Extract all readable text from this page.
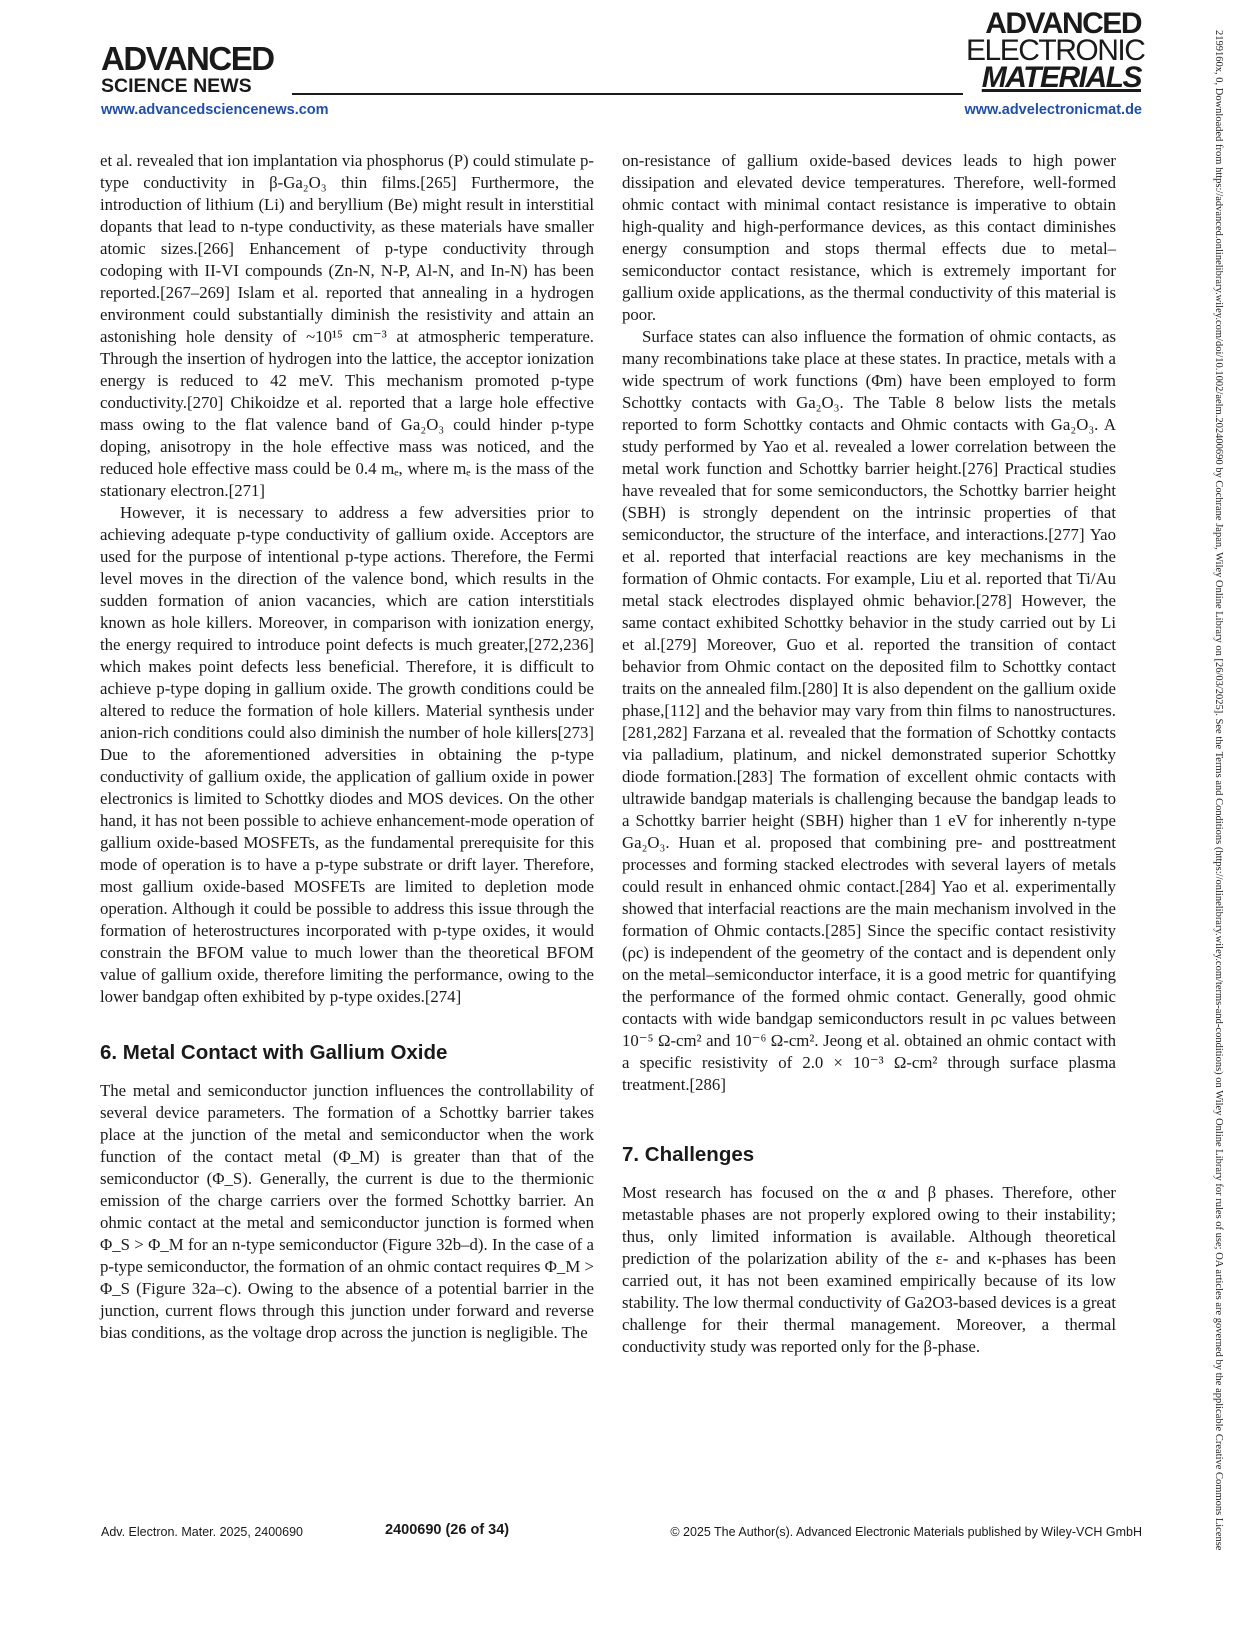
ADVANCED
SCIENCE NEWS
ADVANCED
ELECTRONIC
MATERIALS
www.advancedsciencenews.com	www.advelectronicmat.de	2199160x, 0, Downloaded from https://advanced.onlinelibrary.wiley.com/doi/10.1002/aelm.202400690 by Cochrane Japan, Wiley Online Library on [26/03/2025]. See the Terms and Conditions (https://onlinelibrary.wiley.com/terms-and-conditions) on Wiley Online Library for rules of use; OA articles are governed by the applicable Creative Commons License

et al. revealed that ion implantation via phosphorus (P) could stimulate p-type conductivity in β-Ga₂O₃ thin films.[265] Furthermore, the introduction of lithium (Li) and beryllium (Be) might result in interstitial dopants that lead to n-type conductivity, as these materials have smaller atomic sizes.[266] Enhancement of p-type conductivity through codoping with II-VI compounds (Zn-N, N-P, Al-N, and In-N) has been reported.[267–269] Islam et al. reported that annealing in a hydrogen environment could substantially diminish the resistivity and attain an astonishing hole density of ~10¹⁵ cm⁻³ at atmospheric temperature. Through the insertion of hydrogen into the lattice, the acceptor ionization energy is reduced to 42 meV. This mechanism promoted p-type conductivity.[270] Chikoidze et al. reported that a large hole effective mass owing to the flat valence band of Ga₂O₃ could hinder p-type doping, anisotropy in the hole effective mass was noticed, and the reduced hole effective mass could be 0.4 mₑ, where mₑ is the mass of the stationary electron.[271]

However, it is necessary to address a few adversities prior to achieving adequate p-type conductivity of gallium oxide. Acceptors are used for the purpose of intentional p-type actions. Therefore, the Fermi level moves in the direction of the valence bond, which results in the sudden formation of anion vacancies, which are cation interstitials known as hole killers. Moreover, in comparison with ionization energy, the energy required to introduce point defects is much greater,[272,236] which makes point defects less beneficial. Therefore, it is difficult to achieve p-type doping in gallium oxide. The growth conditions could be altered to reduce the formation of hole killers. Material synthesis under anion-rich conditions could also diminish the number of hole killers[273] Due to the aforementioned adversities in obtaining the p-type conductivity of gallium oxide, the application of gallium oxide in power electronics is limited to Schottky diodes and MOS devices. On the other hand, it has not been possible to achieve enhancement-mode operation of gallium oxide-based MOSFETs, as the fundamental prerequisite for this mode of operation is to have a p-type substrate or drift layer. Therefore, most gallium oxide-based MOSFETs are limited to depletion mode operation. Although it could be possible to address this issue through the formation of heterostructures incorporated with p-type oxides, it would constrain the BFOM value to much lower than the theoretical BFOM value of gallium oxide, therefore limiting the performance, owing to the lower bandgap often exhibited by p-type oxides.[274]

6. Metal Contact with Gallium Oxide

The metal and semiconductor junction influences the controllability of several device parameters. The formation of a Schottky barrier takes place at the junction of the metal and semiconductor when the work function of the contact metal (Φ_M) is greater than that of the semiconductor (Φ_S). Generally, the current is due to the thermionic emission of the charge carriers over the formed Schottky barrier. An ohmic contact at the metal and semiconductor junction is formed when Φ_S > Φ_M for an n-type semiconductor (Figure 32b–d). In the case of a p-type semiconductor, the formation of an ohmic contact requires Φ_M > Φ_S (Figure 32a–c). Owing to the absence of a potential barrier in the junction, current flows through this junction under forward and reverse bias conditions, as the voltage drop across the junction is negligible. The

on-resistance of gallium oxide-based devices leads to high power dissipation and elevated device temperatures. Therefore, well-formed ohmic contact with minimal contact resistance is imperative to obtain high-quality and high-performance devices, as this contact diminishes energy consumption and stops thermal effects due to metal–semiconductor contact resistance, which is extremely important for gallium oxide applications, as the thermal conductivity of this material is poor.

Surface states can also influence the formation of ohmic contacts, as many recombinations take place at these states. In practice, metals with a wide spectrum of work functions (Φm) have been employed to form Schottky contacts with Ga₂O₃. The Table 8 below lists the metals reported to form Schottky contacts and Ohmic contacts with Ga₂O₃. A study performed by Yao et al. revealed a lower correlation between the metal work function and Schottky barrier height.[276] Practical studies have revealed that for some semiconductors, the Schottky barrier height (SBH) is strongly dependent on the intrinsic properties of that semiconductor, the structure of the interface, and interactions.[277] Yao et al. reported that interfacial reactions are key mechanisms in the formation of Ohmic contacts. For example, Liu et al. reported that Ti/Au metal stack electrodes displayed ohmic behavior.[278] However, the same contact exhibited Schottky behavior in the study carried out by Li et al.[279] Moreover, Guo et al. reported the transition of contact behavior from Ohmic contact on the deposited film to Schottky contact traits on the annealed film.[280] It is also dependent on the gallium oxide phase,[112] and the behavior may vary from thin films to nanostructures.[281,282] Farzana et al. revealed that the formation of Schottky contacts via palladium, platinum, and nickel demonstrated superior Schottky diode formation.[283] The formation of excellent ohmic contacts with ultrawide bandgap materials is challenging because the bandgap leads to a Schottky barrier height (SBH) higher than 1 eV for inherently n-type Ga₂O₃. Huan et al. proposed that combining pre- and posttreatment processes and forming stacked electrodes with several layers of metals could result in enhanced ohmic contact.[284] Yao et al. experimentally showed that interfacial reactions are the main mechanism involved in the formation of Ohmic contacts.[285] Since the specific contact resistivity (ρc) is independent of the geometry of the contact and is dependent only on the metal–semiconductor interface, it is a good metric for quantifying the performance of the formed ohmic contact. Generally, good ohmic contacts with wide bandgap semiconductors result in ρc values between 10⁻⁵ Ω-cm² and 10⁻⁶ Ω-cm². Jeong et al. obtained an ohmic contact with a specific resistivity of 2.0 × 10⁻³ Ω-cm² through surface plasma treatment.[286]

7. Challenges

Most research has focused on the α and β phases. Therefore, other metastable phases are not properly explored owing to their instability; thus, only limited information is available. Although theoretical prediction of the polarization ability of the ε- and κ-phases has been carried out, it has not been examined empirically because of its low stability. The low thermal conductivity of Ga2O3-based devices is a great challenge for their thermal management. Moreover, a thermal conductivity study was reported only for the β-phase.

Adv. Electron. Mater. 2025, 2400690	2400690 (26 of 34)	© 2025 The Author(s). Advanced Electronic Materials published by Wiley-VCH GmbH
